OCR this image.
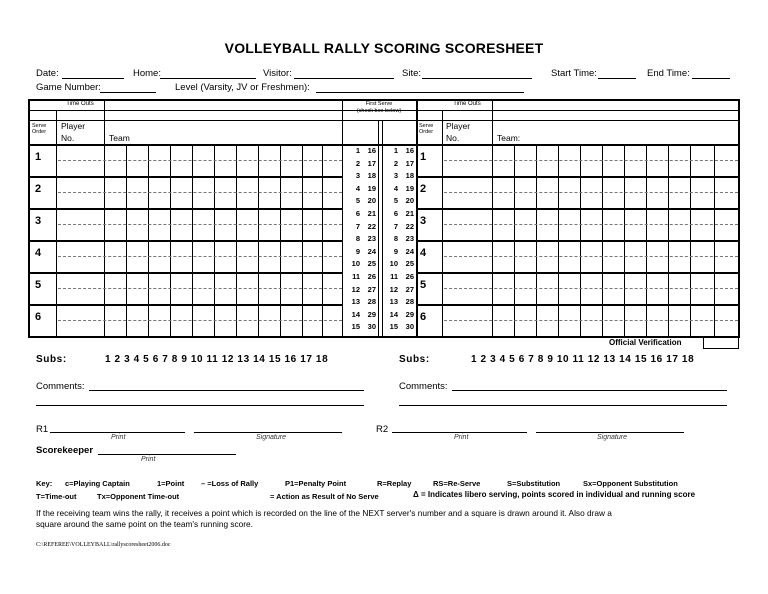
VOLLEYBALL RALLY SCORING SCORESHEET
Date:	Home:	Visitor:	Site:	Start Time:	End Time:
Game Number:	Level (Varsity, JV or Freshmen):
Time Outs	Time Outs
First Serve
(check box below)
Serve Order
Serve Order
Player
No.
Player
No.
Team	Team:
1
2
3
4
5
6
1
2
3
4
5
6
1	16
2	17
3	18
4	19
5	20
6	21
7	22
8	23
9	24
10	25
11	26
12	27
13	28
14	29
15	30
1	16
2	17
3	18
4	19
5	20
6	21
7	22
8	23
9	24
10	25
11	26
12	27
13	28
14	29
15	30
Official Verification
Subs:	1 2 3 4 5 6 7 8 9 10 11 12 13 14 15 16 17 18	Subs:	1 2 3 4 5 6 7 8 9 10 11 12 13 14 15 16 17 18
Comments:	Comments:
R1
Print	Signature
R2
Print	Signature
Scorekeeper
Print
Key: c=Playing Captain	1=Point – =Loss of Rally	P1=Penalty Point	R=Replay	RS=Re-Serve	S=Substitution	Sx=Opponent Substitution
T=Time-out	Tx=Opponent Time-out	= Action as Result of No Serve	Δ = Indicates libero serving, points scored in individual and running score
If the receiving team wins the rally, it receives a point which is recorded on the line of the NEXT server's number and a square is drawn around it. Also draw a
square around the same point on the team's running score.
C:\REFEREE\VOLLEYBALL\rallyscoresheet2006.doc
